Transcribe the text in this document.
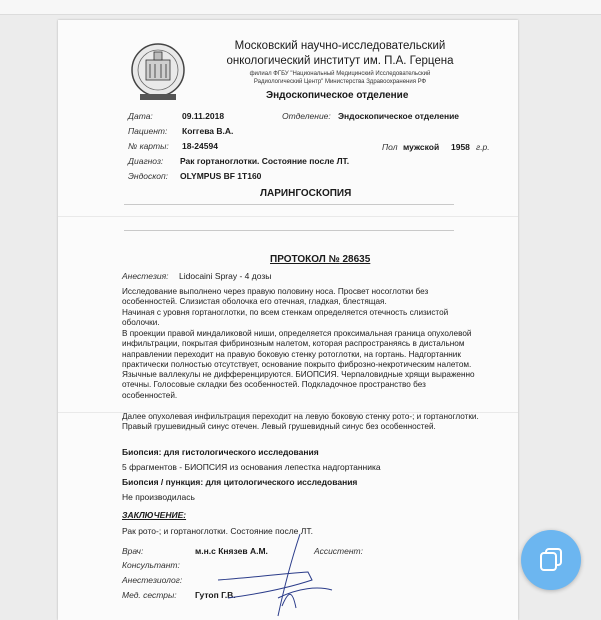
Московский научно-исследовательский
онкологический институт им. П.А. Герцена
филиал ФГБУ "Национальный Медицинский Исследовательский
Радиологический Центр" Министерства Здравоохранения РФ
Эндоскопическое отделение
Дата:	09.11.2018	Отделение: Эндоскопическое отделение
Пациент: Коггева В.А.
№ карты: 18-24594	Пол мужской 1958 г.р.
Диагноз: Рак гортаноглотки. Состояние после ЛТ.
Эндоскоп: OLYMPUS BF 1T160
ЛАРИНГОСКОПИЯ
ПРОТОКОЛ № 28635
Анестезия: Lidocaini Spray - 4 дозы
Исследование выполнено через правую половину носа. Просвет носоглотки без особенностей. Слизистая оболочка его отечная, гладкая, блестящая.
Начиная с уровня гортаноглотки, по всем стенкам определяется отечность слизистой оболочки.
В проекции правой миндаликовой ниши, определяется проксимальная граница опухолевой инфильтрации, покрытая фибринозным налетом, которая распространяясь в дистальном направлении переходит на правую боковую стенку ротоглотки, на гортань. Надгортанник практически полностью отсутствует, основание покрыто фиброзно-некротическим налетом. Язычные валлекулы не дифференцируются. БИОПСИЯ. Черпаловидные хрящи выраженно отечны. Голосовые складки без особенностей. Подкладочное пространство без особенностей.
Далее опухолевая инфильтрация переходит на левую боковую стенку рото-; и гортаноглотки. Правый грушевидный синус отечен. Левый грушевидный синус без особенностей.
Биопсия: для гистологического исследования
5 фрагментов - БИОПСИЯ из основания лепестка надгортанника
Биопсия / пункция: для цитологического исследования
Не производилась
ЗАКЛЮЧЕНИЕ:
Рак рото-; и гортаноглотки. Состояние после ЛТ.
Врач:	м.н.с Князев А.М.	Ассистент:
Консультант:
Анестезиолог:
Мед. сестры: Гутоп Г.В.
